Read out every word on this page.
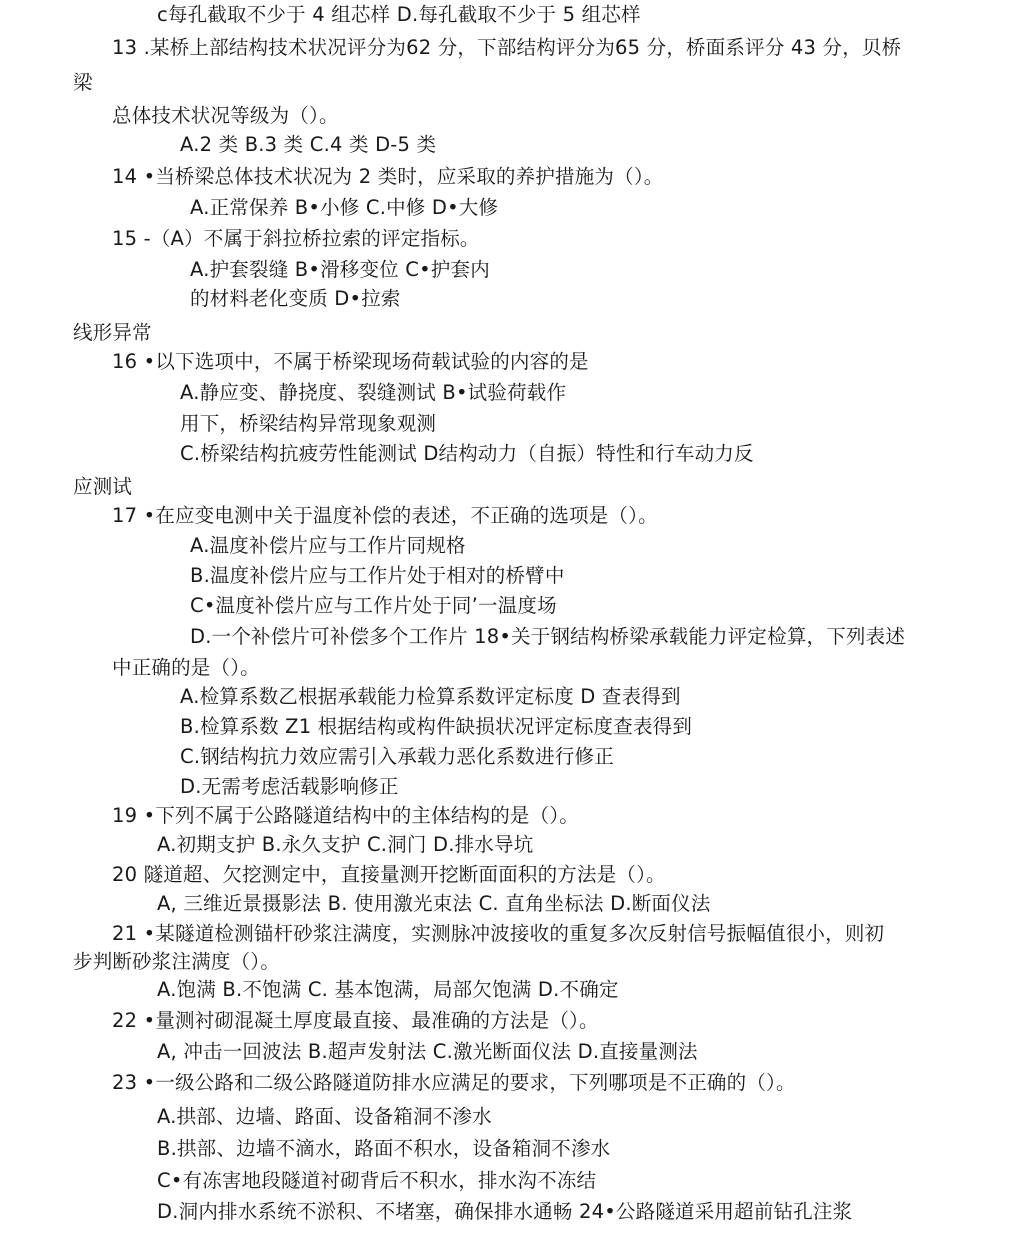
c每孔截取不少于 4 组芯样 D.每孔截取不少于 5 组芯样
13 .某桥上部结构技术状况评分为62 分，下部结构评分为65 分，桥面系评分 43 分，贝桥
梁
总体技术状况等级为（）。
A.2 类 B.3 类 C.4 类 D-5 类
14 •当桥梁总体技术状况为 2 类时，应采取的养护措施为（）。
A.正常保养 B•小修 C.中修 D•大修
15 -（A）不属于斜拉桥拉索的评定指标。
A.护套裂缝 B•滑移变位 C•护套内
的材料老化变质 D•拉索
线形异常
16 •以下选项中，不属于桥梁现场荷载试验的内容的是
A.静应变、静挠度、裂缝测试 B•试验荷载作
用下，桥梁结构异常现象观测
C.桥梁结构抗疲劳性能测试 D结构动力（自振）特性和行车动力反
应测试
17 •在应变电测中关于温度补偿的表述，不正确的选项是（）。
A.温度补偿片应与工作片同规格
B.温度补偿片应与工作片处于相对的桥臂中
C•温度补偿片应与工作片处于同’一温度场
D.一个补偿片可补偿多个工作片 18•关于钢结构桥梁承载能力评定检算，下列表述
中正确的是（）。
A.检算系数乙根据承载能力检算系数评定标度 D 查表得到
B.检算系数 Z1 根据结构或构件缺损状况评定标度查表得到
C.钢结构抗力效应需引入承载力恶化系数进行修正
D.无需考虑活载影响修正
19 •下列不属于公路隧道结构中的主体结构的是（）。
A.初期支护 B.永久支护 C.洞门 D.排水导坑
20 隧道超、欠挖测定中，直接量测开挖断面面积的方法是（）。
A, 三维近景摄影法 B. 使用激光束法 C. 直角坐标法 D.断面仪法
21 •某隧道检测锚杆砂浆注满度，实测脉冲波接收的重复多次反射信号振幅值很小，则初
步判断砂浆注满度（）。
A.饱满 B.不饱满 C. 基本饱满，局部欠饱满 D.不确定
22 •量测衬砌混凝土厚度最直接、最准确的方法是（）。
A, 冲击一回波法 B.超声发射法 C.激光断面仪法 D.直接量测法
23 •一级公路和二级公路隧道防排水应满足的要求，下列哪项是不正确的（）。
A.拱部、边墙、路面、设备箱洞不渗水
B.拱部、边墙不滴水，路面不积水，设备箱洞不渗水
C•有冻害地段隧道衬砌背后不积水，排水沟不冻结
D.洞内排水系统不淤积、不堵塞，确保排水通畅 24•公路隧道采用超前钻孔注浆
